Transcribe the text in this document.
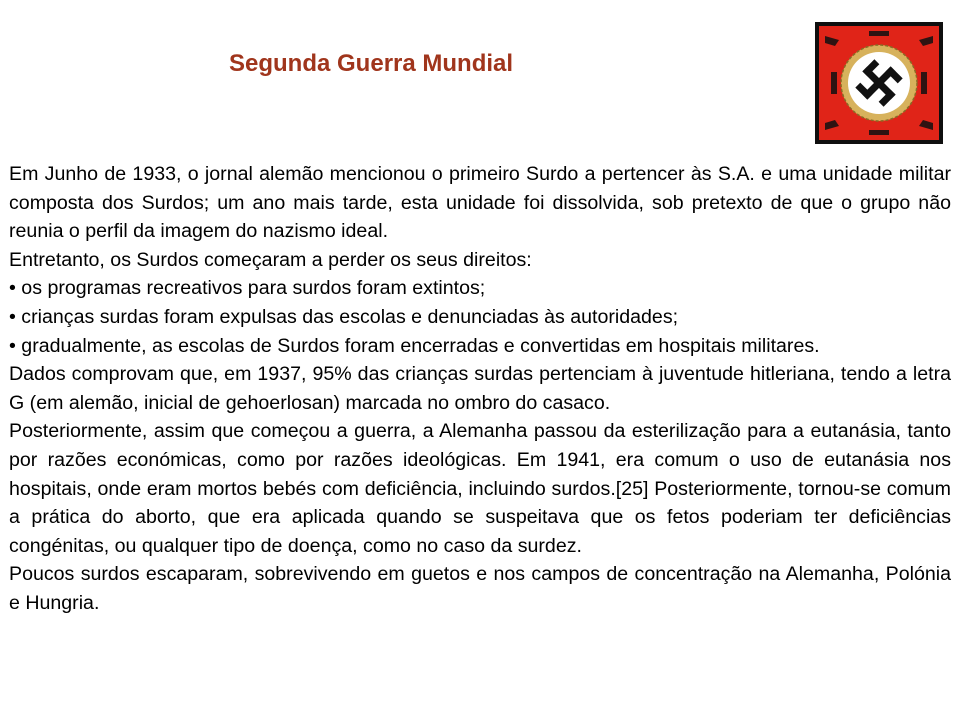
Segunda Guerra Mundial

Em Junho de 1933, o jornal alemão mencionou o primeiro Surdo a pertencer às S.A. e uma unidade militar composta dos Surdos; um ano mais tarde, esta unidade foi dissolvida, sob pretexto de que o grupo não reunia o perfil da imagem do nazismo ideal.

Entretanto, os Surdos começaram a perder os seus direitos:

• os programas recreativos para surdos foram extintos;

• crianças surdas foram expulsas das escolas e denunciadas às autoridades;

• gradualmente, as escolas de Surdos foram encerradas e convertidas em hospitais militares.

Dados comprovam que, em 1937, 95% das crianças surdas pertenciam à juventude hitleriana, tendo a letra G (em alemão, inicial de gehoerlosan) marcada no ombro do casaco.

Posteriormente, assim que começou a guerra, a Alemanha passou da esterilização para a eutanásia, tanto por razões económicas, como por razões ideológicas. Em 1941, era comum o uso de eutanásia nos hospitais, onde eram mortos bebés com deficiência, incluindo surdos.[25] Posteriormente, tornou-se comum a prática do aborto, que era aplicada quando se suspeitava que os fetos poderiam ter deficiências congénitas, ou qualquer tipo de doença, como no caso da surdez.

Poucos surdos escaparam, sobrevivendo em guetos e nos campos de concentração na Alemanha, Polónia e Hungria.
